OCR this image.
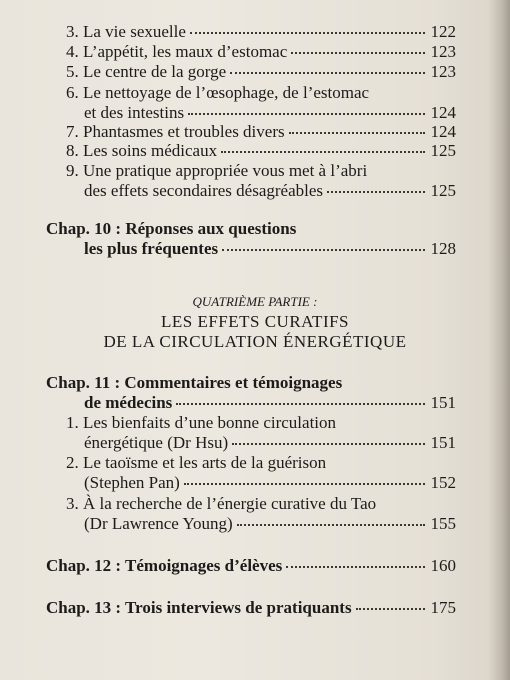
3. La vie sexuelle	122
4. L’appétit, les maux d’estomac	123
5. Le centre de la gorge	123
6. Le nettoyage de l’œsophage, de l’estomac
et des intestins	124
7. Phantasmes et troubles divers	124
8. Les soins médicaux	125
9. Une pratique appropriée vous met à l’abri
des effets secondaires désagréables	125
Chap. 10 : Réponses aux questions
les plus fréquentes	128
QUATRIÈME PARTIE :
LES EFFETS CURATIFS
DE LA CIRCULATION ÉNERGÉTIQUE
Chap. 11 : Commentaires et témoignages
de médecins	151
1. Les bienfaits d’une bonne circulation
énergétique (Dr Hsu)	151
2. Le taoïsme et les arts de la guérison
(Stephen Pan)	152
3. À la recherche de l’énergie curative du Tao
(Dr Lawrence Young)	155
Chap. 12 : Témoignages d’élèves	160
Chap. 13 : Trois interviews de pratiquants	175
